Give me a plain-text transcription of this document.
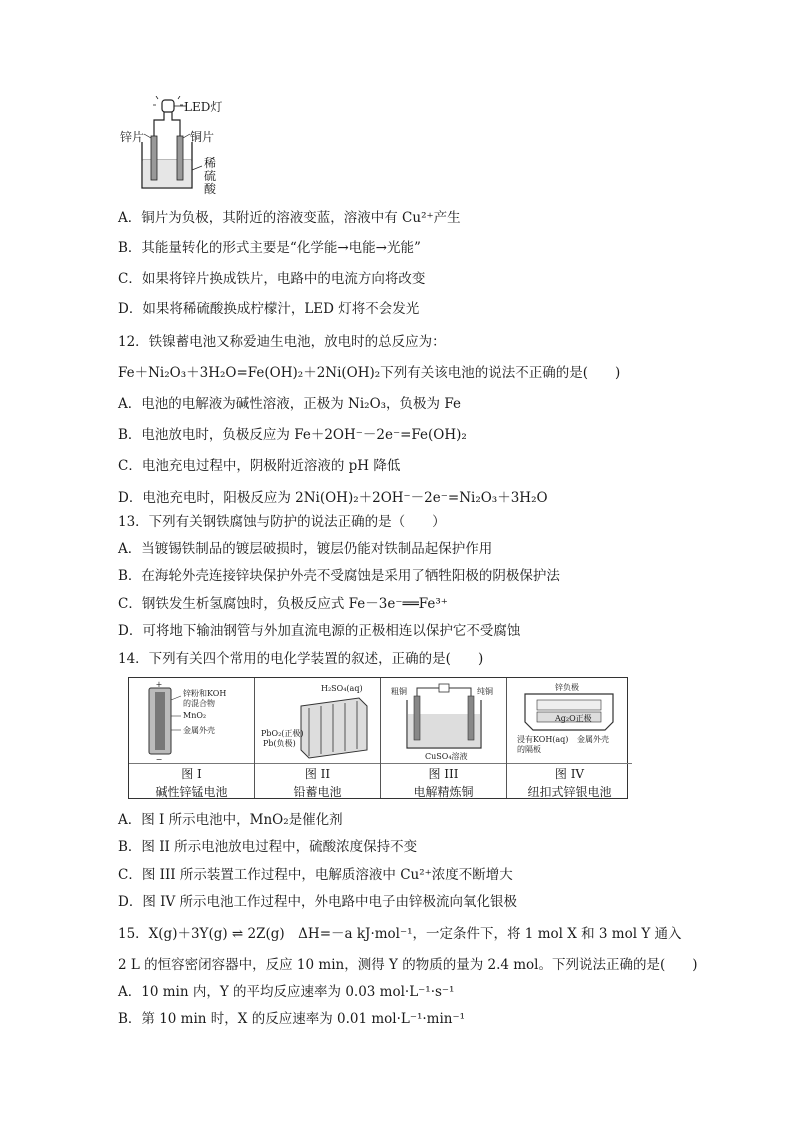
LED灯
锌片	铜片
稀
硫
酸
A．铜片为负极，其附近的溶液变蓝，溶液中有 Cu²⁺产生
B．其能量转化的形式主要是“化学能→电能→光能”
C．如果将锌片换成铁片，电路中的电流方向将改变
D．如果将稀硫酸换成柠檬汁，LED 灯将不会发光
12．铁镍蓄电池又称爱迪生电池，放电时的总反应为：
Fe＋Ni₂O₃＋3H₂O=Fe(OH)₂＋2Ni(OH)₂下列有关该电池的说法不正确的是(　　)
A．电池的电解液为碱性溶液，正极为 Ni₂O₃，负极为 Fe
B．电池放电时，负极反应为 Fe＋2OH⁻－2e⁻=Fe(OH)₂
C．电池充电过程中，阴极附近溶液的 pH 降低
D．电池充电时，阳极反应为 2Ni(OH)₂＋2OH⁻－2e⁻=Ni₂O₃＋3H₂O
13．下列有关钢铁腐蚀与防护的说法正确的是（　　）
A．当镀锡铁制品的镀层破损时，镀层仍能对铁制品起保护作用
B．在海轮外壳连接锌块保护外壳不受腐蚀是采用了牺牲阳极的阴极保护法
C．钢铁发生析氢腐蚀时，负极反应式 Fe－3e⁻══Fe³⁺
D．可将地下输油钢管与外加直流电源的正极相连以保护它不受腐蚀
14．下列有关四个常用的电化学装置的叙述，正确的是(　　)
+
−
锌粉和KOH
的混合物
MnO₂
金属外壳
图 I
碱性锌锰电池
H₂SO₄(aq)
PbO₂(正极)
Pb(负极)
图 II
铅蓄电池
粗铜	纯铜
CuSO₄溶液
图 III
电解精炼铜
锌负极
Ag₂O正极
浸有KOH(aq)
的隔板
金属外壳
图 IV
纽扣式锌银电池
A．图 I 所示电池中，MnO₂是催化剂
B．图 II 所示电池放电过程中，硫酸浓度保持不变
C．图 III 所示装置工作过程中，电解质溶液中 Cu²⁺浓度不断增大
D．图 IV 所示电池工作过程中，外电路中电子由锌极流向氧化银极
15．X(g)＋3Y(g) ⇌ 2Z(g)　ΔH=－a kJ·mol⁻¹，一定条件下，将 1 mol X 和 3 mol Y 通入
2 L 的恒容密闭容器中，反应 10 min，测得 Y 的物质的量为 2.4 mol。下列说法正确的是(　　)
A．10 min 内，Y 的平均反应速率为 0.03 mol·L⁻¹·s⁻¹
B．第 10 min 时，X 的反应速率为 0.01 mol·L⁻¹·min⁻¹
